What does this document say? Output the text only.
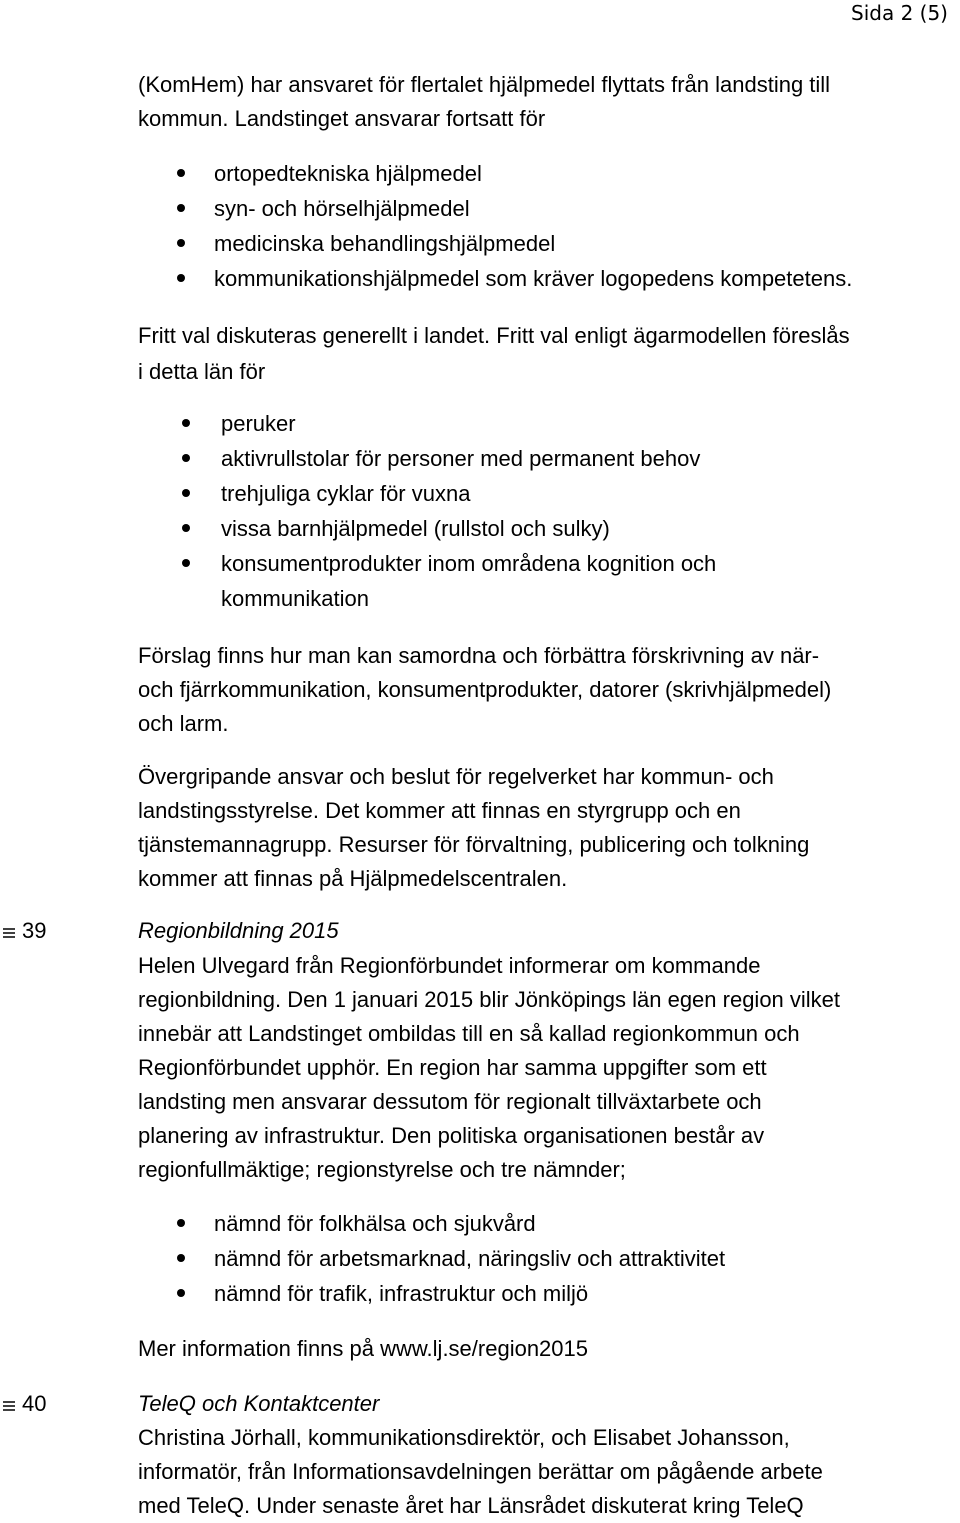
Sida 2 (5)
(KomHem) har ansvaret för flertalet hjälpmedel flyttats från landsting till
kommun. Landstinget ansvarar fortsatt för
ortopedtekniska hjälpmedel
syn- och hörselhjälpmedel
medicinska behandlingshjälpmedel
kommunikationshjälpmedel som kräver logopedens kompetetens.
Fritt val diskuteras generellt i landet. Fritt val enligt ägarmodellen föreslås
i detta län för
peruker
aktivrullstolar för personer med permanent behov
trehjuliga cyklar för vuxna
vissa barnhjälpmedel (rullstol och sulky)
konsumentprodukter inom områdena kognition och
kommunikation
Förslag finns hur man kan samordna och förbättra förskrivning av när-
och fjärrkommunikation, konsumentprodukter, datorer (skrivhjälpmedel)
och larm.
Övergripande ansvar och beslut för regelverket har kommun- och
landstingsstyrelse. Det kommer att finnas en styrgrupp och en
tjänstemannagrupp. Resurser för förvaltning, publicering och tolkning
kommer att finnas på Hjälpmedelscentralen.
39	Regionbildning 2015
Helen Ulvegard från Regionförbundet informerar om kommande
regionbildning. Den 1 januari 2015 blir Jönköpings län egen region vilket
innebär att Landstinget ombildas till en så kallad regionkommun och
Regionförbundet upphör. En region har samma uppgifter som ett
landsting men ansvarar dessutom för regionalt tillväxtarbete och
planering av infrastruktur. Den politiska organisationen består av
regionfullmäktige; regionstyrelse och tre nämnder;
nämnd för folkhälsa och sjukvård
nämnd för arbetsmarknad, näringsliv och attraktivitet
nämnd för trafik, infrastruktur och miljö
Mer information finns på www.lj.se/region2015
40	TeleQ och Kontaktcenter
Christina Jörhall, kommunikationsdirektör, och Elisabet Johansson,
informatör, från Informationsavdelningen berättar om pågående arbete
med TeleQ. Under senaste året har Länsrådet diskuterat kring TeleQ
